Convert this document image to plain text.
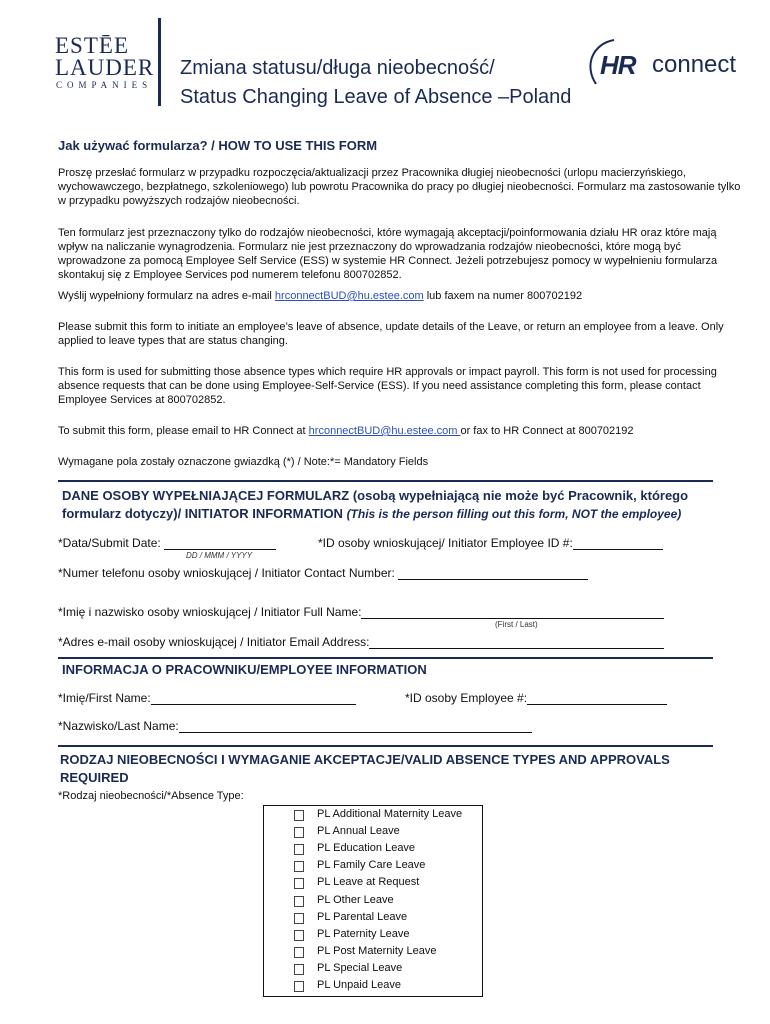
ESTĒE
LAUDER
COMPANIES
Zmiana statusu/długa nieobecność/
Status Changing Leave of Absence –Poland
HR connect
Jak używać formularza? / HOW TO USE THIS FORM
Proszę przesłać formularz w przypadku rozpoczęcia/aktualizacji przez Pracownika długiej nieobecności (urlopu macierzyńskiego, wychowawczego, bezpłatnego, szkoleniowego) lub powrotu Pracownika do pracy po długiej nieobecności. Formularz ma zastosowanie tylko w przypadku powyższych rodzajów nieobecności.
Ten formularz jest przeznaczony tylko do rodzajów nieobecności, które wymagają akceptacji/poinformowania działu HR oraz które mają wpływ na naliczanie wynagrodzenia. Formularz nie jest przeznaczony do wprowadzania rodzajów nieobecności, które mogą być wprowadzone za pomocą Employee Self Service (ESS) w systemie HR Connect. Jeżeli potrzebujesz pomocy w wypełnieniu formularza skontakuj się z Employee Services pod numerem telefonu 800702852.
Wyślij wypełniony formularz na adres e-mail hrconnectBUD@hu.estee.com lub faxem na numer 800702192
Please submit this form to initiate an employee’s leave of absence, update details of the Leave, or return an employee from a leave. Only applied to leave types that are status changing.
This form is used for submitting those absence types which require HR approvals or impact payroll. This form is not used for processing absence requests that can be done using Employee-Self-Service (ESS). If you need assistance completing this form, please contact Employee Services at 800702852.
To submit this form, please email to HR Connect at hrconnectBUD@hu.estee.com or fax to HR Connect at 800702192
Wymagane pola zostały oznaczone gwiazdką (*) / Note:*= Mandatory Fields
DANE OSOBY WYPEŁNIAJĄCEJ FORMULARZ (osobą wypełniającą nie może być Pracownik, którego
formularz dotyczy)/ INITIATOR INFORMATION (This is the person filling out this form, NOT the employee)
*Data/Submit Date:
DD / MMM / YYYY
*ID osoby wnioskującej/ Initiator Employee ID #:
*Numer telefonu osoby wnioskującej / Initiator Contact Number:
*Imię i nazwisko osoby wnioskującej / Initiator Full Name:
(First / Last)
*Adres e-mail osoby wnioskującej / Initiator Email Address:
INFORMACJA O PRACOWNIKU/EMPLOYEE INFORMATION
*Imię/First Name:	*ID osoby Employee #:
*Nazwisko/Last Name:
RODZAJ NIEOBECNOŚCI I WYMAGANIE AKCEPTACJE/VALID ABSENCE TYPES AND APPROVALS
REQUIRED
*Rodzaj nieobecności/*Absence Type:
PL Additional Maternity Leave
PL Annual Leave
PL Education Leave
PL Family Care Leave
PL Leave at Request
PL Other Leave
PL Parental Leave
PL Paternity Leave
PL Post Maternity Leave
PL Special Leave
PL Unpaid Leave
